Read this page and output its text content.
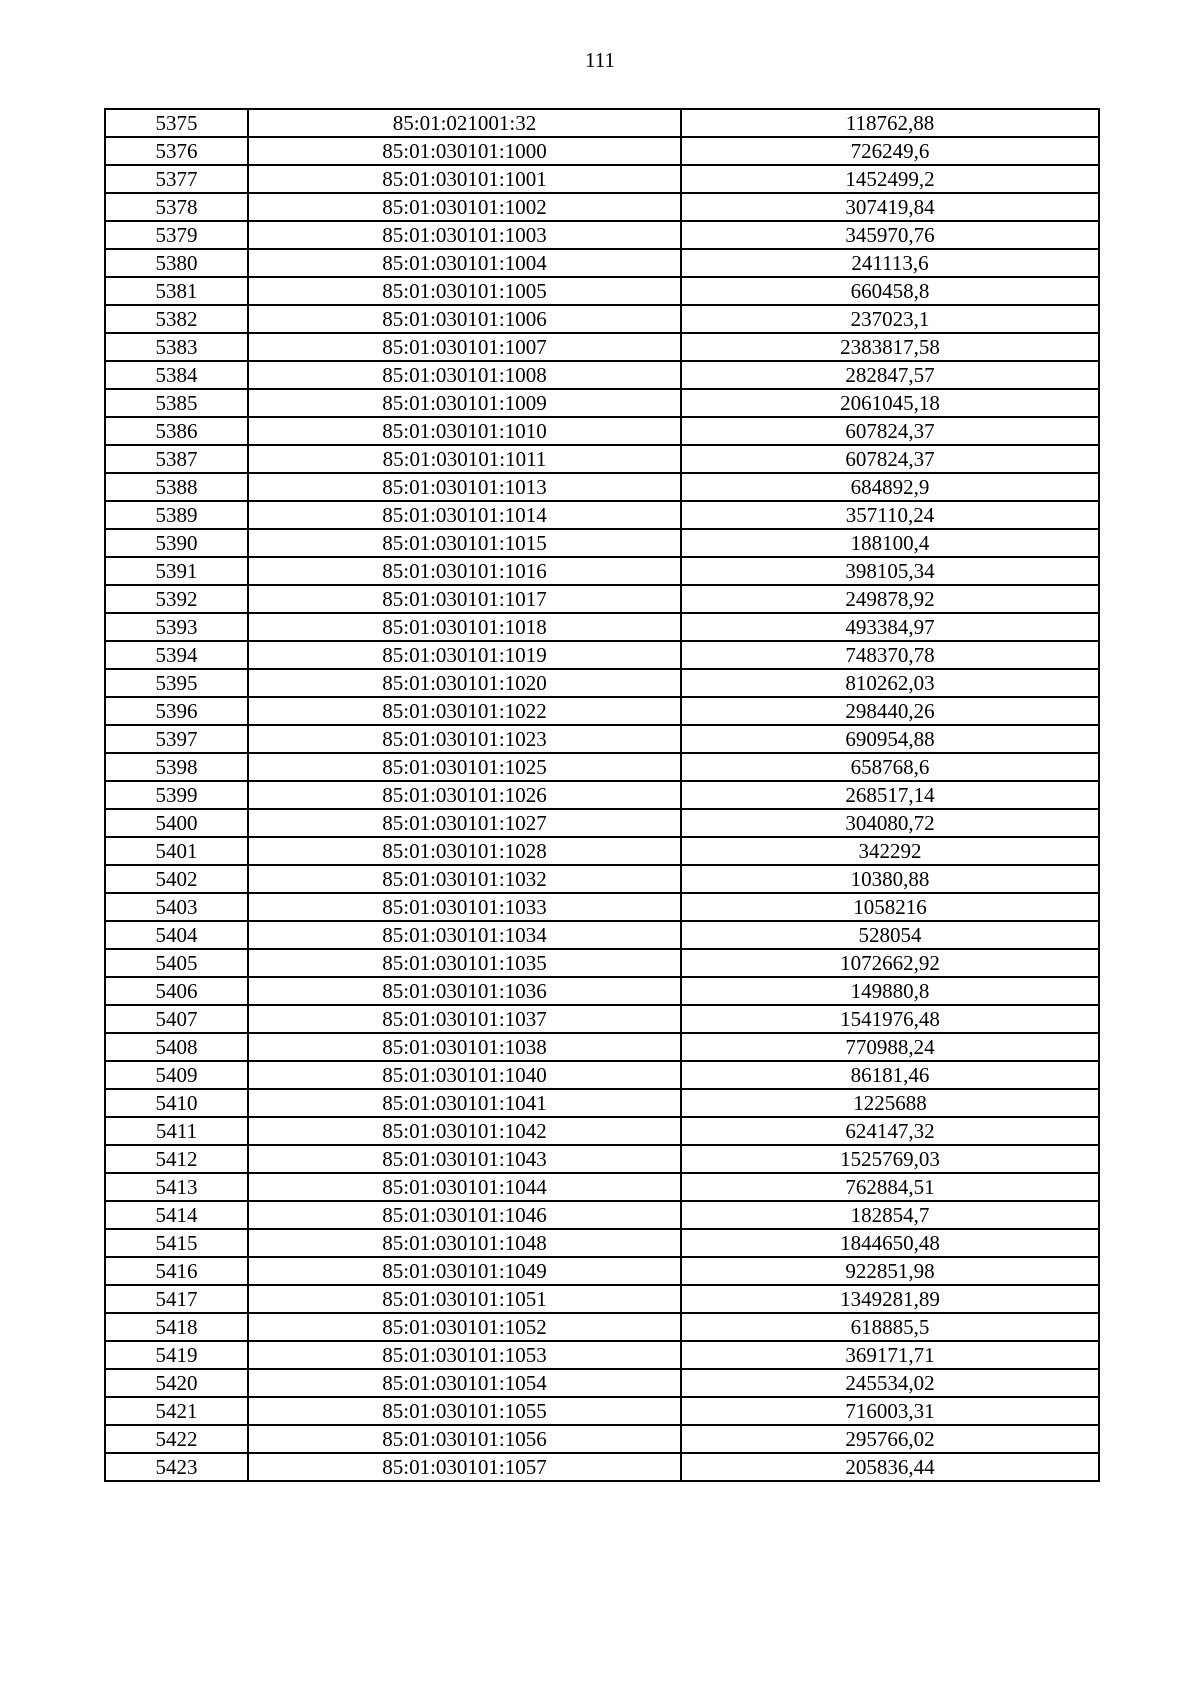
111
5375	85:01:021001:32	118762,88
5376	85:01:030101:1000	726249,6
5377	85:01:030101:1001	1452499,2
5378	85:01:030101:1002	307419,84
5379	85:01:030101:1003	345970,76
5380	85:01:030101:1004	241113,6
5381	85:01:030101:1005	660458,8
5382	85:01:030101:1006	237023,1
5383	85:01:030101:1007	2383817,58
5384	85:01:030101:1008	282847,57
5385	85:01:030101:1009	2061045,18
5386	85:01:030101:1010	607824,37
5387	85:01:030101:1011	607824,37
5388	85:01:030101:1013	684892,9
5389	85:01:030101:1014	357110,24
5390	85:01:030101:1015	188100,4
5391	85:01:030101:1016	398105,34
5392	85:01:030101:1017	249878,92
5393	85:01:030101:1018	493384,97
5394	85:01:030101:1019	748370,78
5395	85:01:030101:1020	810262,03
5396	85:01:030101:1022	298440,26
5397	85:01:030101:1023	690954,88
5398	85:01:030101:1025	658768,6
5399	85:01:030101:1026	268517,14
5400	85:01:030101:1027	304080,72
5401	85:01:030101:1028	342292
5402	85:01:030101:1032	10380,88
5403	85:01:030101:1033	1058216
5404	85:01:030101:1034	528054
5405	85:01:030101:1035	1072662,92
5406	85:01:030101:1036	149880,8
5407	85:01:030101:1037	1541976,48
5408	85:01:030101:1038	770988,24
5409	85:01:030101:1040	86181,46
5410	85:01:030101:1041	1225688
5411	85:01:030101:1042	624147,32
5412	85:01:030101:1043	1525769,03
5413	85:01:030101:1044	762884,51
5414	85:01:030101:1046	182854,7
5415	85:01:030101:1048	1844650,48
5416	85:01:030101:1049	922851,98
5417	85:01:030101:1051	1349281,89
5418	85:01:030101:1052	618885,5
5419	85:01:030101:1053	369171,71
5420	85:01:030101:1054	245534,02
5421	85:01:030101:1055	716003,31
5422	85:01:030101:1056	295766,02
5423	85:01:030101:1057	205836,44
